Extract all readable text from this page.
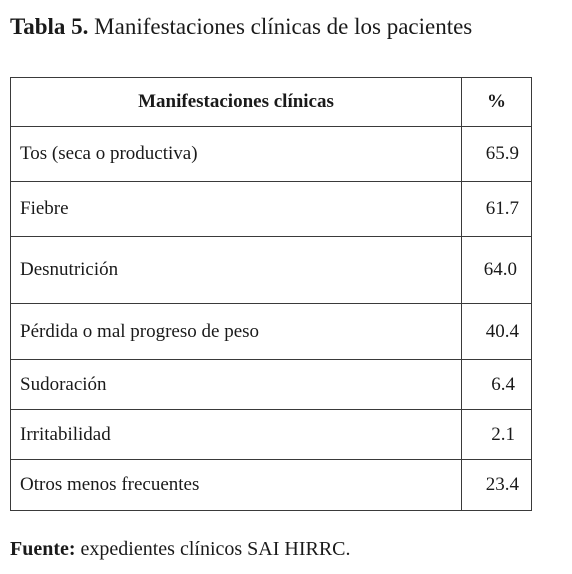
Tabla 5. Manifestaciones clínicas de los pacientes
Manifestaciones clínicas	%
Tos (seca o productiva)	65.9
Fiebre	61.7
Desnutrición	64.0
Pérdida o mal progreso de peso	40.4
Sudoración	6.4
Irritabilidad	2.1
Otros menos frecuentes	23.4
Fuente: expedientes clínicos SAI HIRRC.
